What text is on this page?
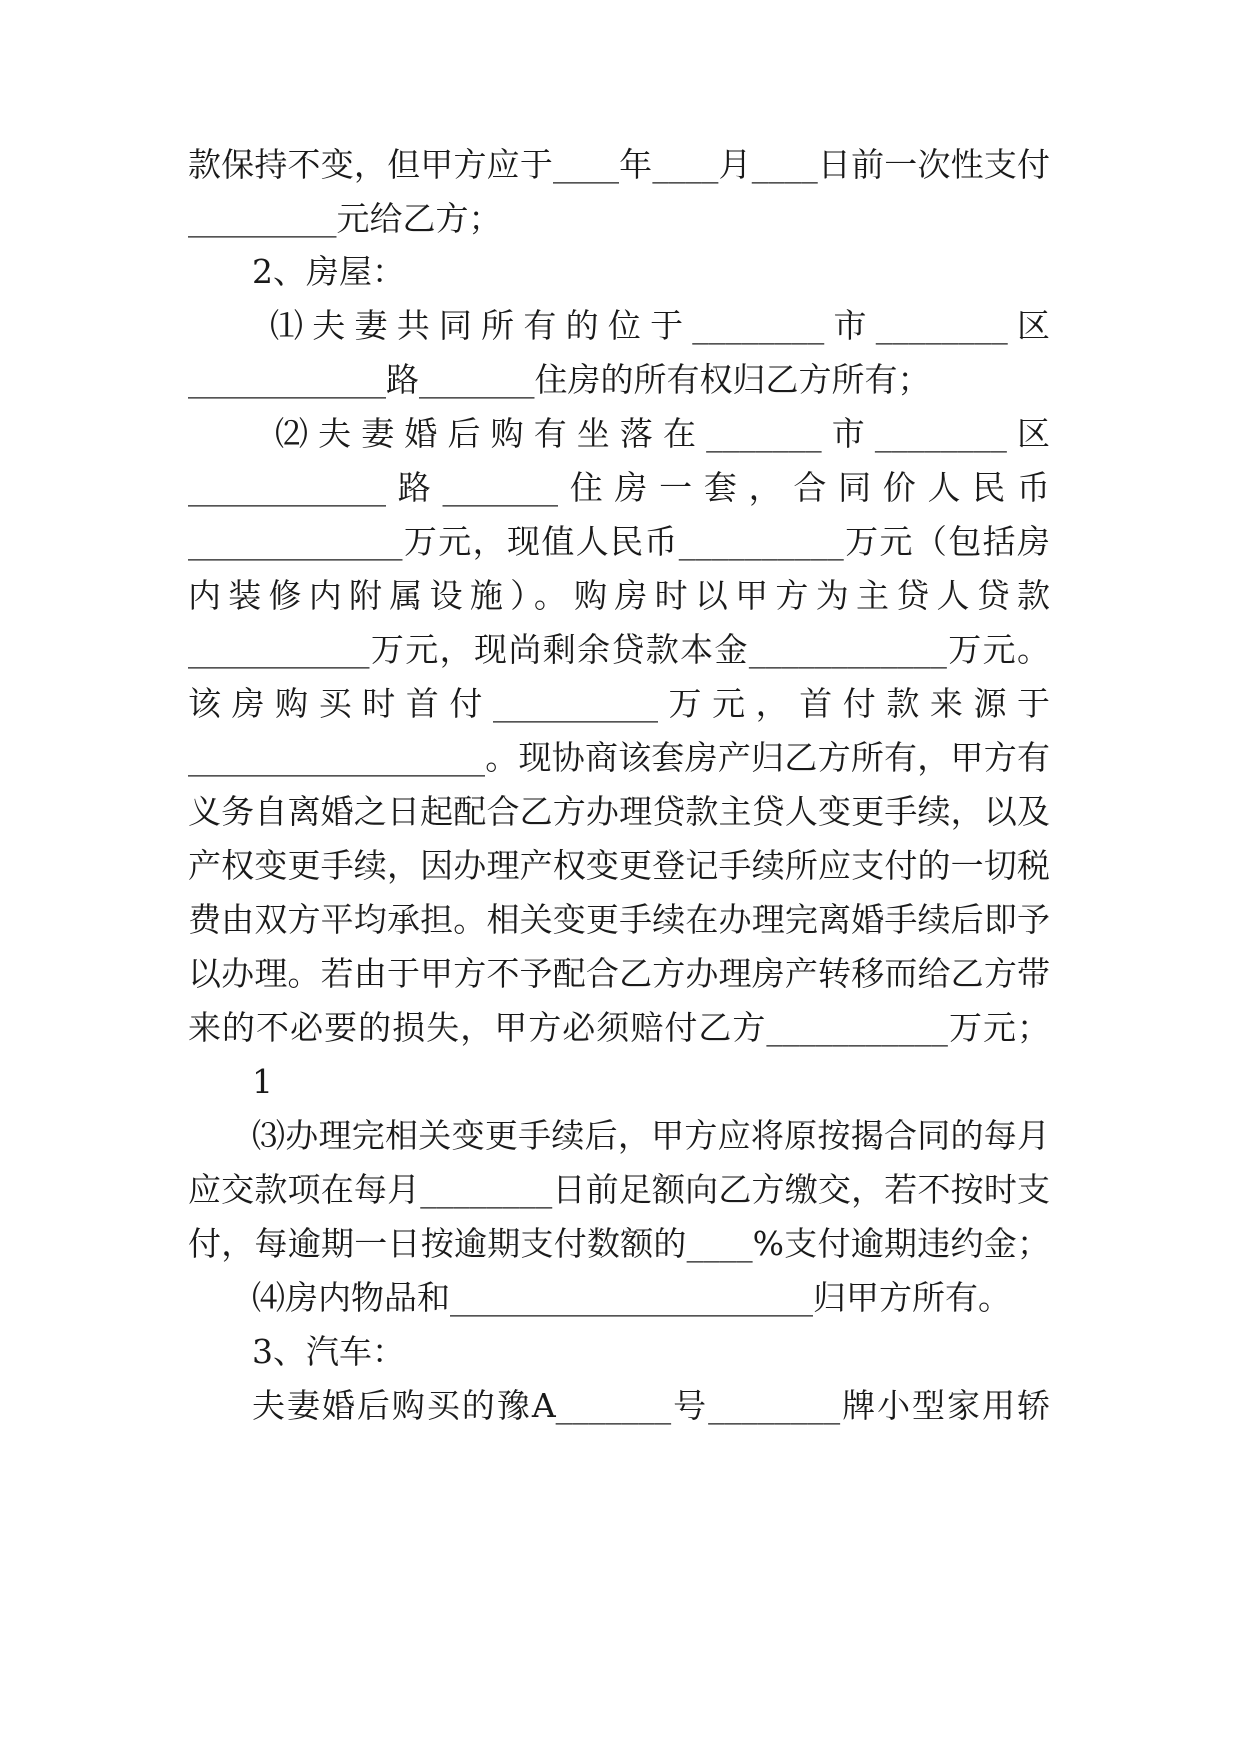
款保持不变，但甲方应于____年____月____日前一次性支付
_________元给乙方；
2、房屋：
⑴夫妻共同所有的位于________市________区
____________路_______住房的所有权归乙方所有；
⑵夫妻婚后购有坐落在_______市________区
____________路_______住房一套，合同价人民币
_____________万元，现值人民币__________万元（包括房
内装修内附属设施）。购房时以甲方为主贷人贷款
___________万元，现尚剩余贷款本金____________万元。
该房购买时首付__________万元，首付款来源于
__________________。现协商该套房产归乙方所有，甲方有
义务自离婚之日起配合乙方办理贷款主贷人变更手续，以及
产权变更手续，因办理产权变更登记手续所应支付的一切税
费由双方平均承担。相关变更手续在办理完离婚手续后即予
以办理。若由于甲方不予配合乙方办理房产转移而给乙方带
来的不必要的损失，甲方必须赔付乙方___________万元；
1
⑶办理完相关变更手续后，甲方应将原按揭合同的每月
应交款项在每月________日前足额向乙方缴交，若不按时支
付，每逾期一日按逾期支付数额的____%支付逾期违约金；
⑷房内物品和______________________归甲方所有。
3、汽车：
夫妻婚后购买的豫A_______号________牌小型家用轿
